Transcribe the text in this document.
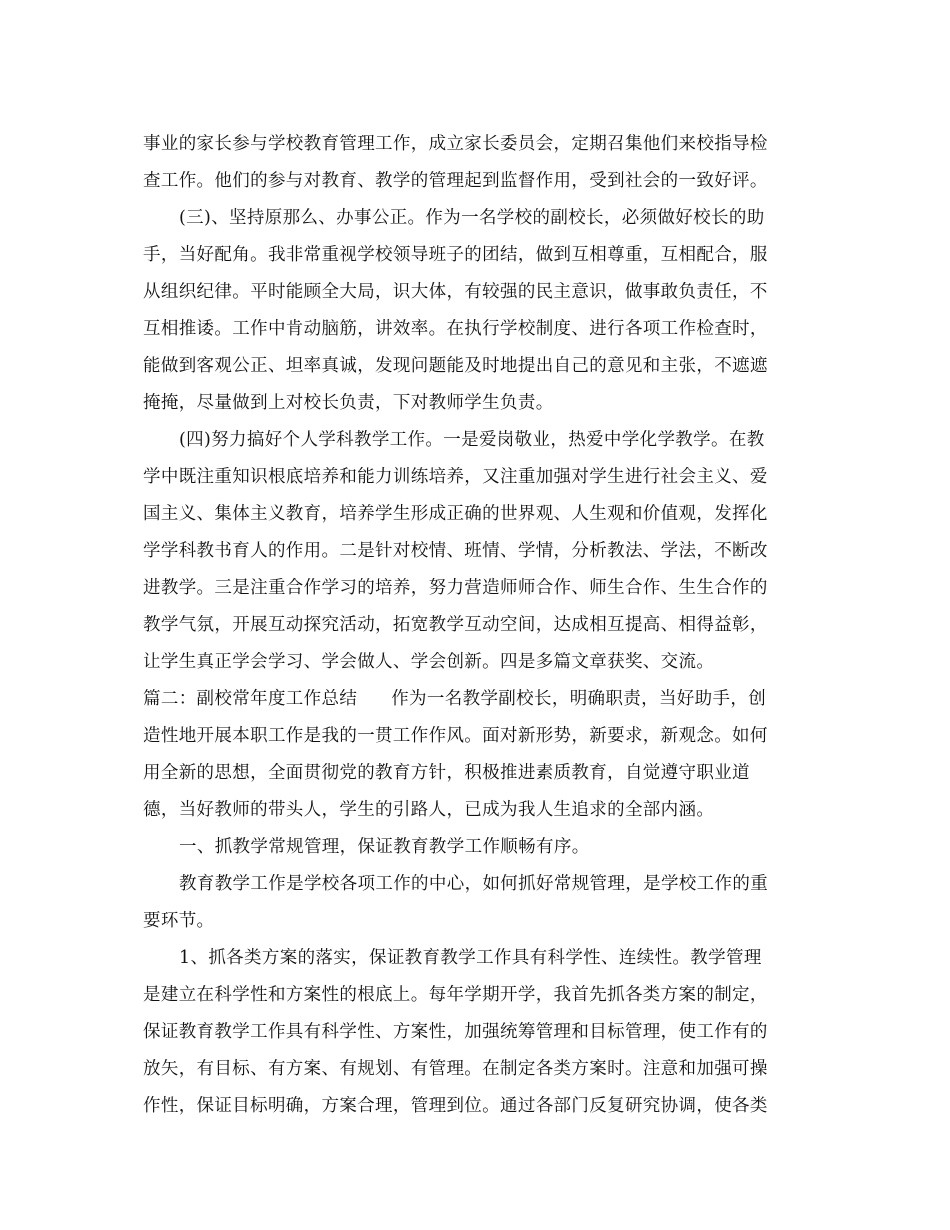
事业的家长参与学校教育管理工作，成立家长委员会，定期召集他们来校指导检
查工作。他们的参与对教育、教学的管理起到监督作用，受到社会的一致好评。
(三)、坚持原那么、办事公正。作为一名学校的副校长，必须做好校长的助
手，当好配角。我非常重视学校领导班子的团结，做到互相尊重，互相配合，服
从组织纪律。平时能顾全大局，识大体，有较强的民主意识，做事敢负责任，不
互相推诿。工作中肯动脑筋，讲效率。在执行学校制度、进行各项工作检查时，
能做到客观公正、坦率真诚，发现问题能及时地提出自己的意见和主张，不遮遮
掩掩，尽量做到上对校长负责，下对教师学生负责。
(四)努力搞好个人学科教学工作。一是爱岗敬业，热爱中学化学教学。在教
学中既注重知识根底培养和能力训练培养，又注重加强对学生进行社会主义、爱
国主义、集体主义教育，培养学生形成正确的世界观、人生观和价值观，发挥化
学学科教书育人的作用。二是针对校情、班情、学情，分析教法、学法，不断改
进教学。三是注重合作学习的培养，努力营造师师合作、师生合作、生生合作的
教学气氛，开展互动探究活动，拓宽教学互动空间，达成相互提高、相得益彰，
让学生真正学会学习、学会做人、学会创新。四是多篇文章获奖、交流。
篇二：副校常年度工作总结 作为一名教学副校长，明确职责，当好助手，创
造性地开展本职工作是我的一贯工作作风。面对新形势，新要求，新观念。如何
用全新的思想，全面贯彻党的教育方针，积极推进素质教育，自觉遵守职业道
德，当好教师的带头人，学生的引路人，已成为我人生追求的全部内涵。
一、抓教学常规管理，保证教育教学工作顺畅有序。
教育教学工作是学校各项工作的中心，如何抓好常规管理，是学校工作的重
要环节。
1、抓各类方案的落实，保证教育教学工作具有科学性、连续性。教学管理
是建立在科学性和方案性的根底上。每年学期开学，我首先抓各类方案的制定，
保证教育教学工作具有科学性、方案性，加强统筹管理和目标管理，使工作有的
放矢，有目标、有方案、有规划、有管理。在制定各类方案时。注意和加强可操
作性，保证目标明确，方案合理，管理到位。通过各部门反复研究协调，使各类
